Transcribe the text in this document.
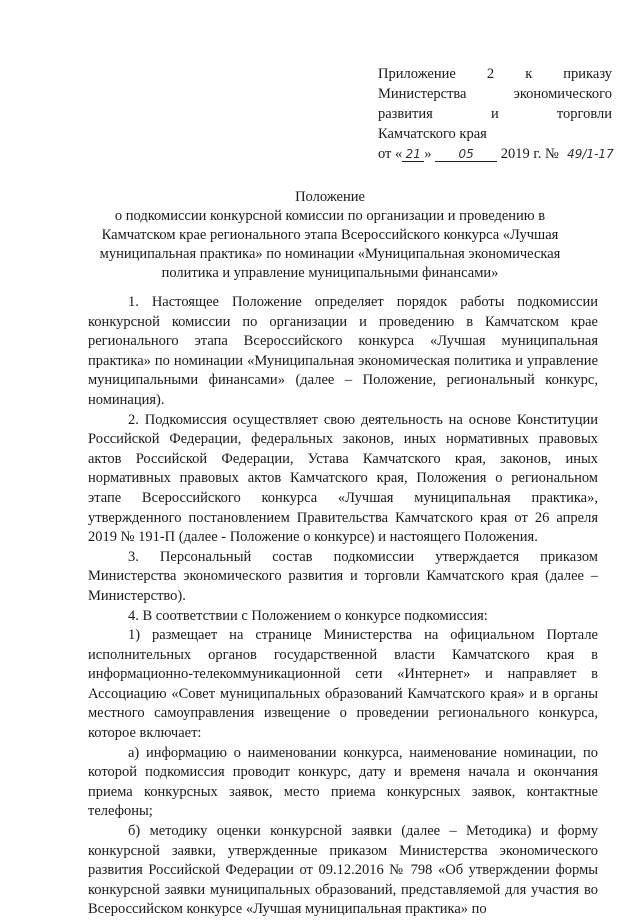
Приложение 2 к приказу
Министерства экономического
развития и торговли
Камчатского края
от « 21 » 05 2019 г. № 49/1-17
Положение
о подкомиссии конкурсной комиссии по организации и проведению в
Камчатском крае регионального этапа Всероссийского конкурса «Лучшая
муниципальная практика» по номинации «Муниципальная экономическая
политика и управление муниципальными финансами»

1. Настоящее Положение определяет порядок работы подкомиссии конкурсной комиссии по организации и проведению в Камчатском крае регионального этапа Всероссийского конкурса «Лучшая муниципальная практика» по номинации «Муниципальная экономическая политика и управление муниципальными финансами» (далее – Положение, региональный конкурс, номинация).

2. Подкомиссия осуществляет свою деятельность на основе Конституции Российской Федерации, федеральных законов, иных нормативных правовых актов Российской Федерации, Устава Камчатского края, законов, иных нормативных правовых актов Камчатского края, Положения о региональном этапе Всероссийского конкурса «Лучшая муниципальная практика», утвержденного постановлением Правительства Камчатского края от 26 апреля 2019 № 191-П (далее - Положение о конкурсе) и настоящего Положения.

3. Персональный состав подкомиссии утверждается приказом Министерства экономического развития и торговли Камчатского края (далее – Министерство).

4. В соответствии с Положением о конкурсе подкомиссия:

1) размещает на странице Министерства на официальном Портале исполнительных органов государственной власти Камчатского края в информационно-телекоммуникационной сети «Интернет» и направляет в Ассоциацию «Совет муниципальных образований Камчатского края» и в органы местного самоуправления извещение о проведении регионального конкурса, которое включает:

а) информацию о наименовании конкурса, наименование номинации, по которой подкомиссия проводит конкурс, дату и временя начала и окончания приема конкурсных заявок, место приема конкурсных заявок, контактные телефоны;

б) методику оценки конкурсной заявки (далее – Методика) и форму конкурсной заявки, утвержденные приказом Министерства экономического развития Российской Федерации от 09.12.2016 № 798 «Об утверждении формы конкурсной заявки муниципальных образований, представляемой для участия во Всероссийском конкурсе «Лучшая муниципальная практика» по
